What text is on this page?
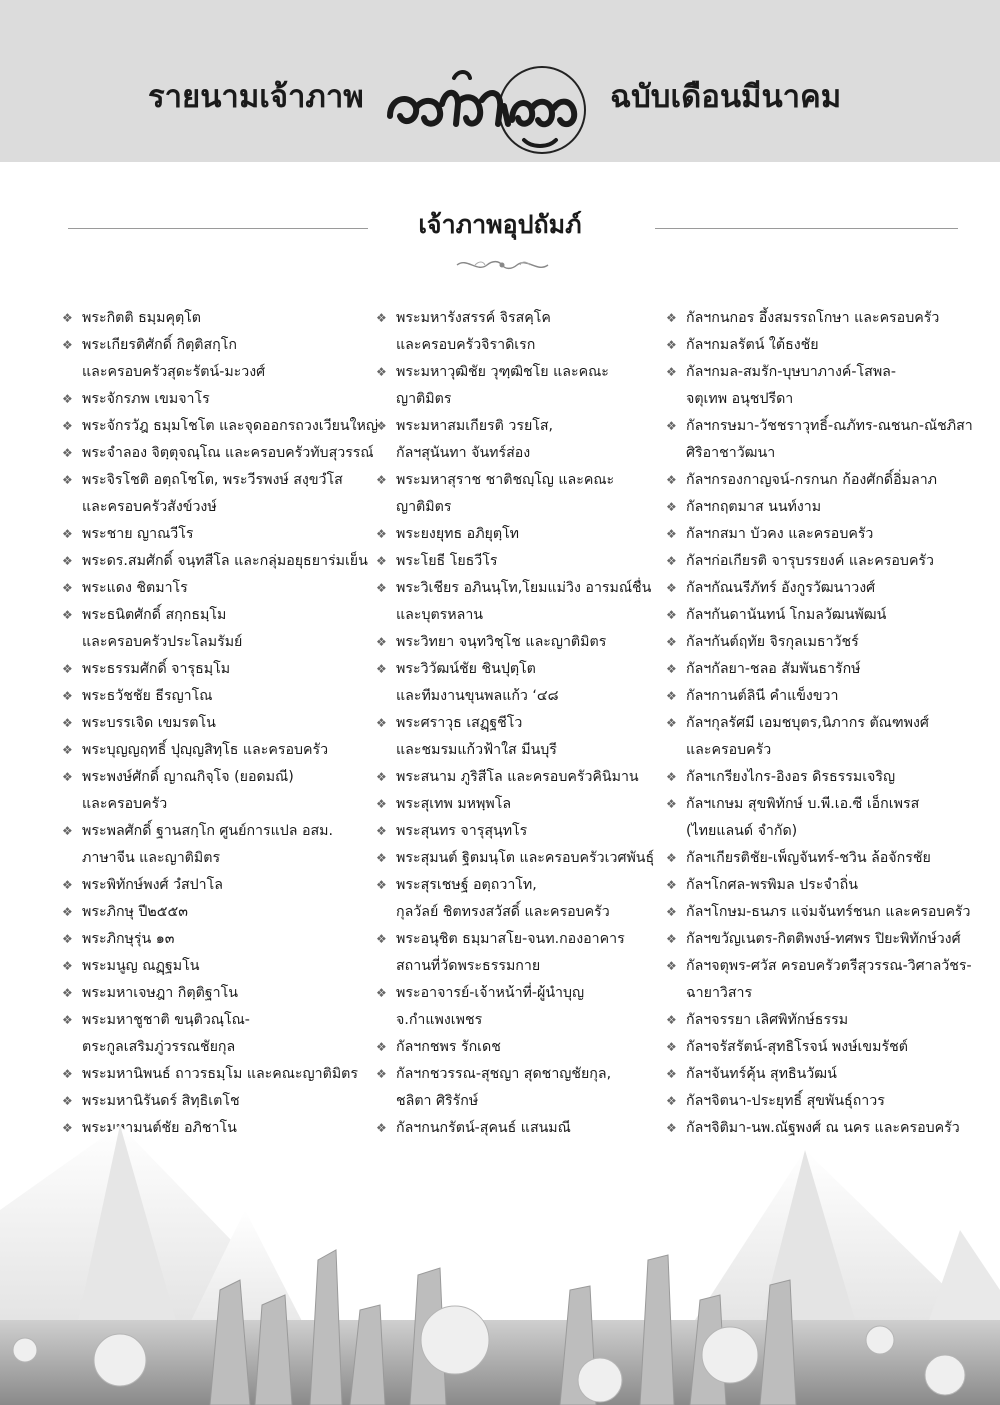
รายนามเจ้าภาพ	ฉบับเดือนมีนาคม
เจ้าภาพอุปถัมภ์
❖ พระกิตติ ธมฺมคุตฺโต
❖ พระเกียรติศักดิ์ กิตฺติสกฺโก
และครอบครัวสุดะรัตน์-มะวงศ์
❖ พระจักรภพ เขมจาโร
❖ พระจักรวัฎ ธมฺมโชโต และจุดออกรถวงเวียนใหญ่
❖ พระจำลอง จิตฺตุจณฺโณ และครอบครัวทับสุวรรณ์
❖ พระจิรโชติ อตฺถโชโต, พระวีรพงษ์ สงฺขวํโส
และครอบครัวสังข์วงษ์
❖ พระชาย ญาณวีโร
❖ พระดร.สมศักดิ์ จนฺทสีโล และกลุ่มอยุธยาร่มเย็น
❖ พระแดง ชิตมาโร
❖ พระธนิตศักดิ์ สกฺกธมฺโม
และครอบครัวประโลมรัมย์
❖ พระธรรมศักดิ์ จารุธมฺโม
❖ พระธวัชชัย ธีรญาโณ
❖ พระบรรเจิด เขมรตโน
❖ พระบุญญฤทธิ์ ปุญฺญสิทฺโธ และครอบครัว
❖ พระพงษ์ศักดิ์ ญาณกิจฺโจ (ยอดมณี)
และครอบครัว
❖ พระพลศักดิ์ ฐานสกฺโก ศูนย์การแปล อสม.
ภาษาจีน และญาติมิตร
❖ พระพิทักษ์พงศ์ วํสปาโล
❖ พระภิกษุ ปี๒๕๕๓
❖ พระภิกษุรุ่น ๑๓
❖ พระมนูญ ณฏฺฐมโน
❖ พระมหาเจษฎา กิตฺติฐาโน
❖ พระมหาชูชาติ ขนฺติวณฺโณ-
ตระกูลเสริมภู่วรรณชัยกุล
❖ พระมหานิพนธ์ ถาวรธมฺโม และคณะญาติมิตร
❖ พระมหานิรันดร์ สิทฺธิเตโช
❖ พระมหามนต์ชัย อภิชาโน
❖ พระมหารังสรรค์ จิรสคฺโค
และครอบครัวจิราดิเรก
❖ พระมหาวุฒิชัย วุฑฺฒิชโย และคณะ
ญาติมิตร
❖ พระมหาสมเกียรติ วรยโส,
กัลฯสุนันทา จันทร์ส่อง
❖ พระมหาสุราช ชาติชญฺโญ และคณะ
ญาติมิตร
❖ พระยงยุทธ อภิยุตฺโท
❖ พระโยธี โยธวีโร
❖ พระวิเชียร อภินนฺโท,โยมแม่วิง อารมณ์ชื่น
และบุตรหลาน
❖ พระวิทยา จนฺทวิชฺโช และญาติมิตร
❖ พระวิวัฒน์ชัย ชินปุตฺโต
และทีมงานขุนพลแก้ว ‘๔๘
❖ พระศราวุธ เสฏฺฐชีโว
และชมรมแก้วฟ้าใส มีนบุรี
❖ พระสนาม ภูริสีโล และครอบครัวคินิมาน
❖ พระสุเทพ มหพฺพโล
❖ พระสุนทร จารุสุนฺทโร
❖ พระสุมนต์ ฐิตมนฺโต และครอบครัวเวศพันธุ์
❖ พระสุรเชษฐ์ อตฺถวาโท,
กุลวัลย์ ชิตทรงสวัสดิ์ และครอบครัว
❖ พระอนุชิต ธมฺมาสโย-จนท.กองอาคาร
สถานที่วัดพระธรรมกาย
❖ พระอาจารย์-เจ้าหน้าที่-ผู้นำบุญ
จ.กำแพงเพชร
❖ กัลฯกชพร รักเดช
❖ กัลฯกชวรรณ-สุชญา สุดชาญชัยกุล,
ชลิตา ศิริรักษ์
❖ กัลฯกนกรัตน์-สุคนธ์ แสนมณี
❖ กัลฯกนกอร อึ้งสมรรถโกษา และครอบครัว
❖ กัลฯกมลรัตน์ ใต้ธงชัย
❖ กัลฯกมล-สมรัก-บุษบาภางค์-โสพล-
จตุเทพ อนุชปรีดา
❖ กัลฯกรษมา-วัชชราวุทธิ์-ณภัทร-ณชนก-ณัชภิสา
ศิริอาชาวัฒนา
❖ กัลฯกรองกาญจน์-กรกนก ก้องศักดิ์อิ่มลาภ
❖ กัลฯกฤตมาส นนท์งาม
❖ กัลฯกสมา บัวคง และครอบครัว
❖ กัลฯก่อเกียรติ จารุบรรยงค์ และครอบครัว
❖ กัลฯกัณนรีภัทร์ อังกูรวัฒนาวงศ์
❖ กัลฯกันดานันทน์ โกมลวัฒนพัฒน์
❖ กัลฯกันต์ฤทัย จิรกุลเมธาวัชร์
❖ กัลฯกัลยา-ชลอ สัมพันธารักษ์
❖ กัลฯกานต์ลินี คำแข็งขวา
❖ กัลฯกุลรัศมี เอมชบุตร,นิภากร ตัณฑพงศ์
และครอบครัว
❖ กัลฯเกรียงไกร-อิงอร ดิรธรรมเจริญ
❖ กัลฯเกษม สุขพิทักษ์ บ.พี.เอ.ซี เอ็กเพรส
(ไทยแลนด์ จำกัด)
❖ กัลฯเกียรติชัย-เพ็ญจันทร์-ชวิน ล้อจักรชัย
❖ กัลฯโกศล-พรพิมล ประจำถิ่น
❖ กัลฯโกษม-ธนภร แจ่มจันทร์ชนก และครอบครัว
❖ กัลฯขวัญเนตร-กิตติพงษ์-ทศพร ปิยะพิทักษ์วงศ์
❖ กัลฯจตุพร-ศวัส ครอบครัวตรีสุวรรณ-วิศาลวัชร-
ฉายาวิสาร
❖ กัลฯจรรยา เลิศพิทักษ์ธรรม
❖ กัลฯจรัสรัตน์-สุทธิโรจน์ พงษ์เขมรัชต์
❖ กัลฯจันทร์คุ้น สุทธินวัฒน์
❖ กัลฯจิตนา-ประยุทธิ์ สุขพันธุ์ถาวร
❖ กัลฯจิติมา-นพ.ณัฐพงศ์ ณ นคร และครอบครัว
